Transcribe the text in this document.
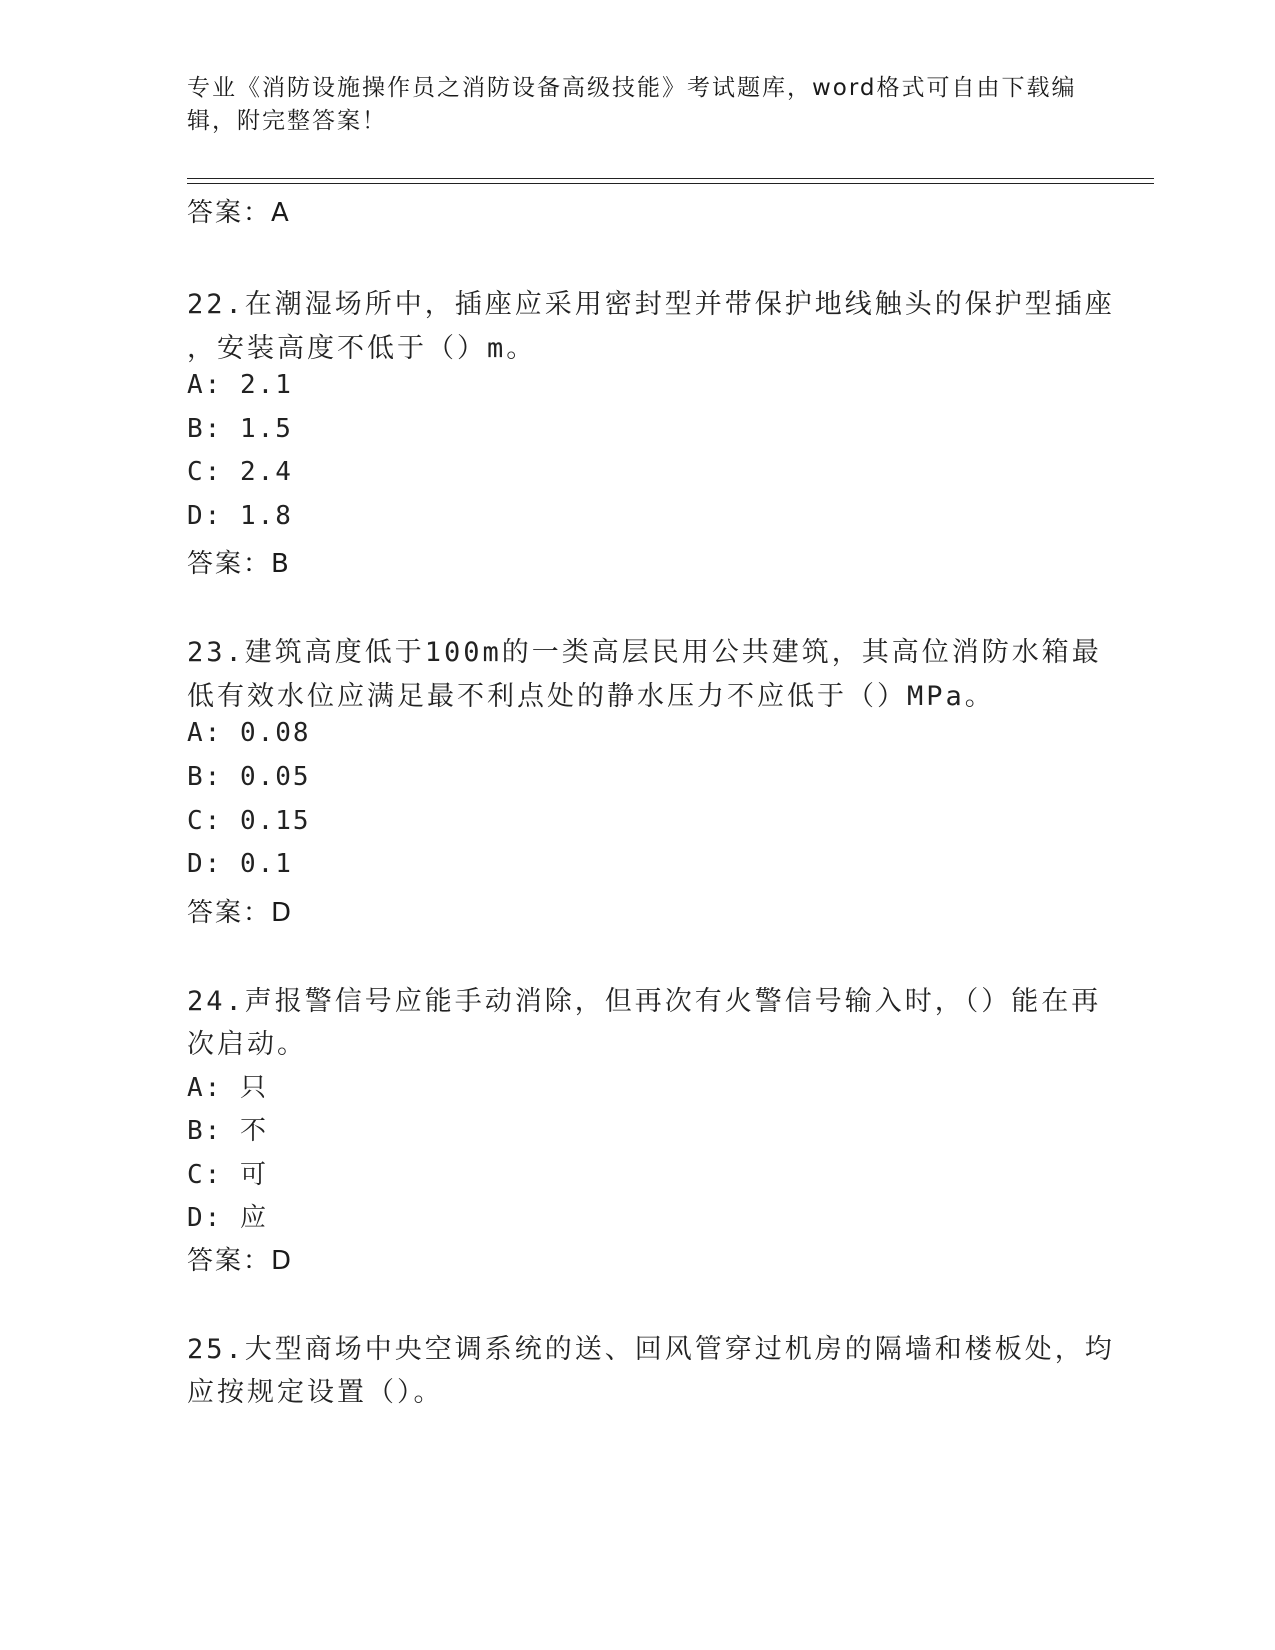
专业《消防设施操作员之消防设备高级技能》考试题库，word格式可自由下载编
辑，附完整答案！
答案：A
22.在潮湿场所中，插座应采用密封型并带保护地线触头的保护型插座
，安装高度不低于（）m。
A: 2.1
B: 1.5
C: 2.4
D: 1.8
答案：B
23.建筑高度低于100m的一类高层民用公共建筑，其高位消防水箱最
低有效水位应满足最不利点处的静水压力不应低于（）MPa。
A: 0.08
B: 0.05
C: 0.15
D: 0.1
答案：D
24.声报警信号应能手动消除，但再次有火警信号输入时，（）能在再
次启动。
A: 只
B: 不
C: 可
D: 应
答案：D
25.大型商场中央空调系统的送、回风管穿过机房的隔墙和楼板处，均
应按规定设置（）。
